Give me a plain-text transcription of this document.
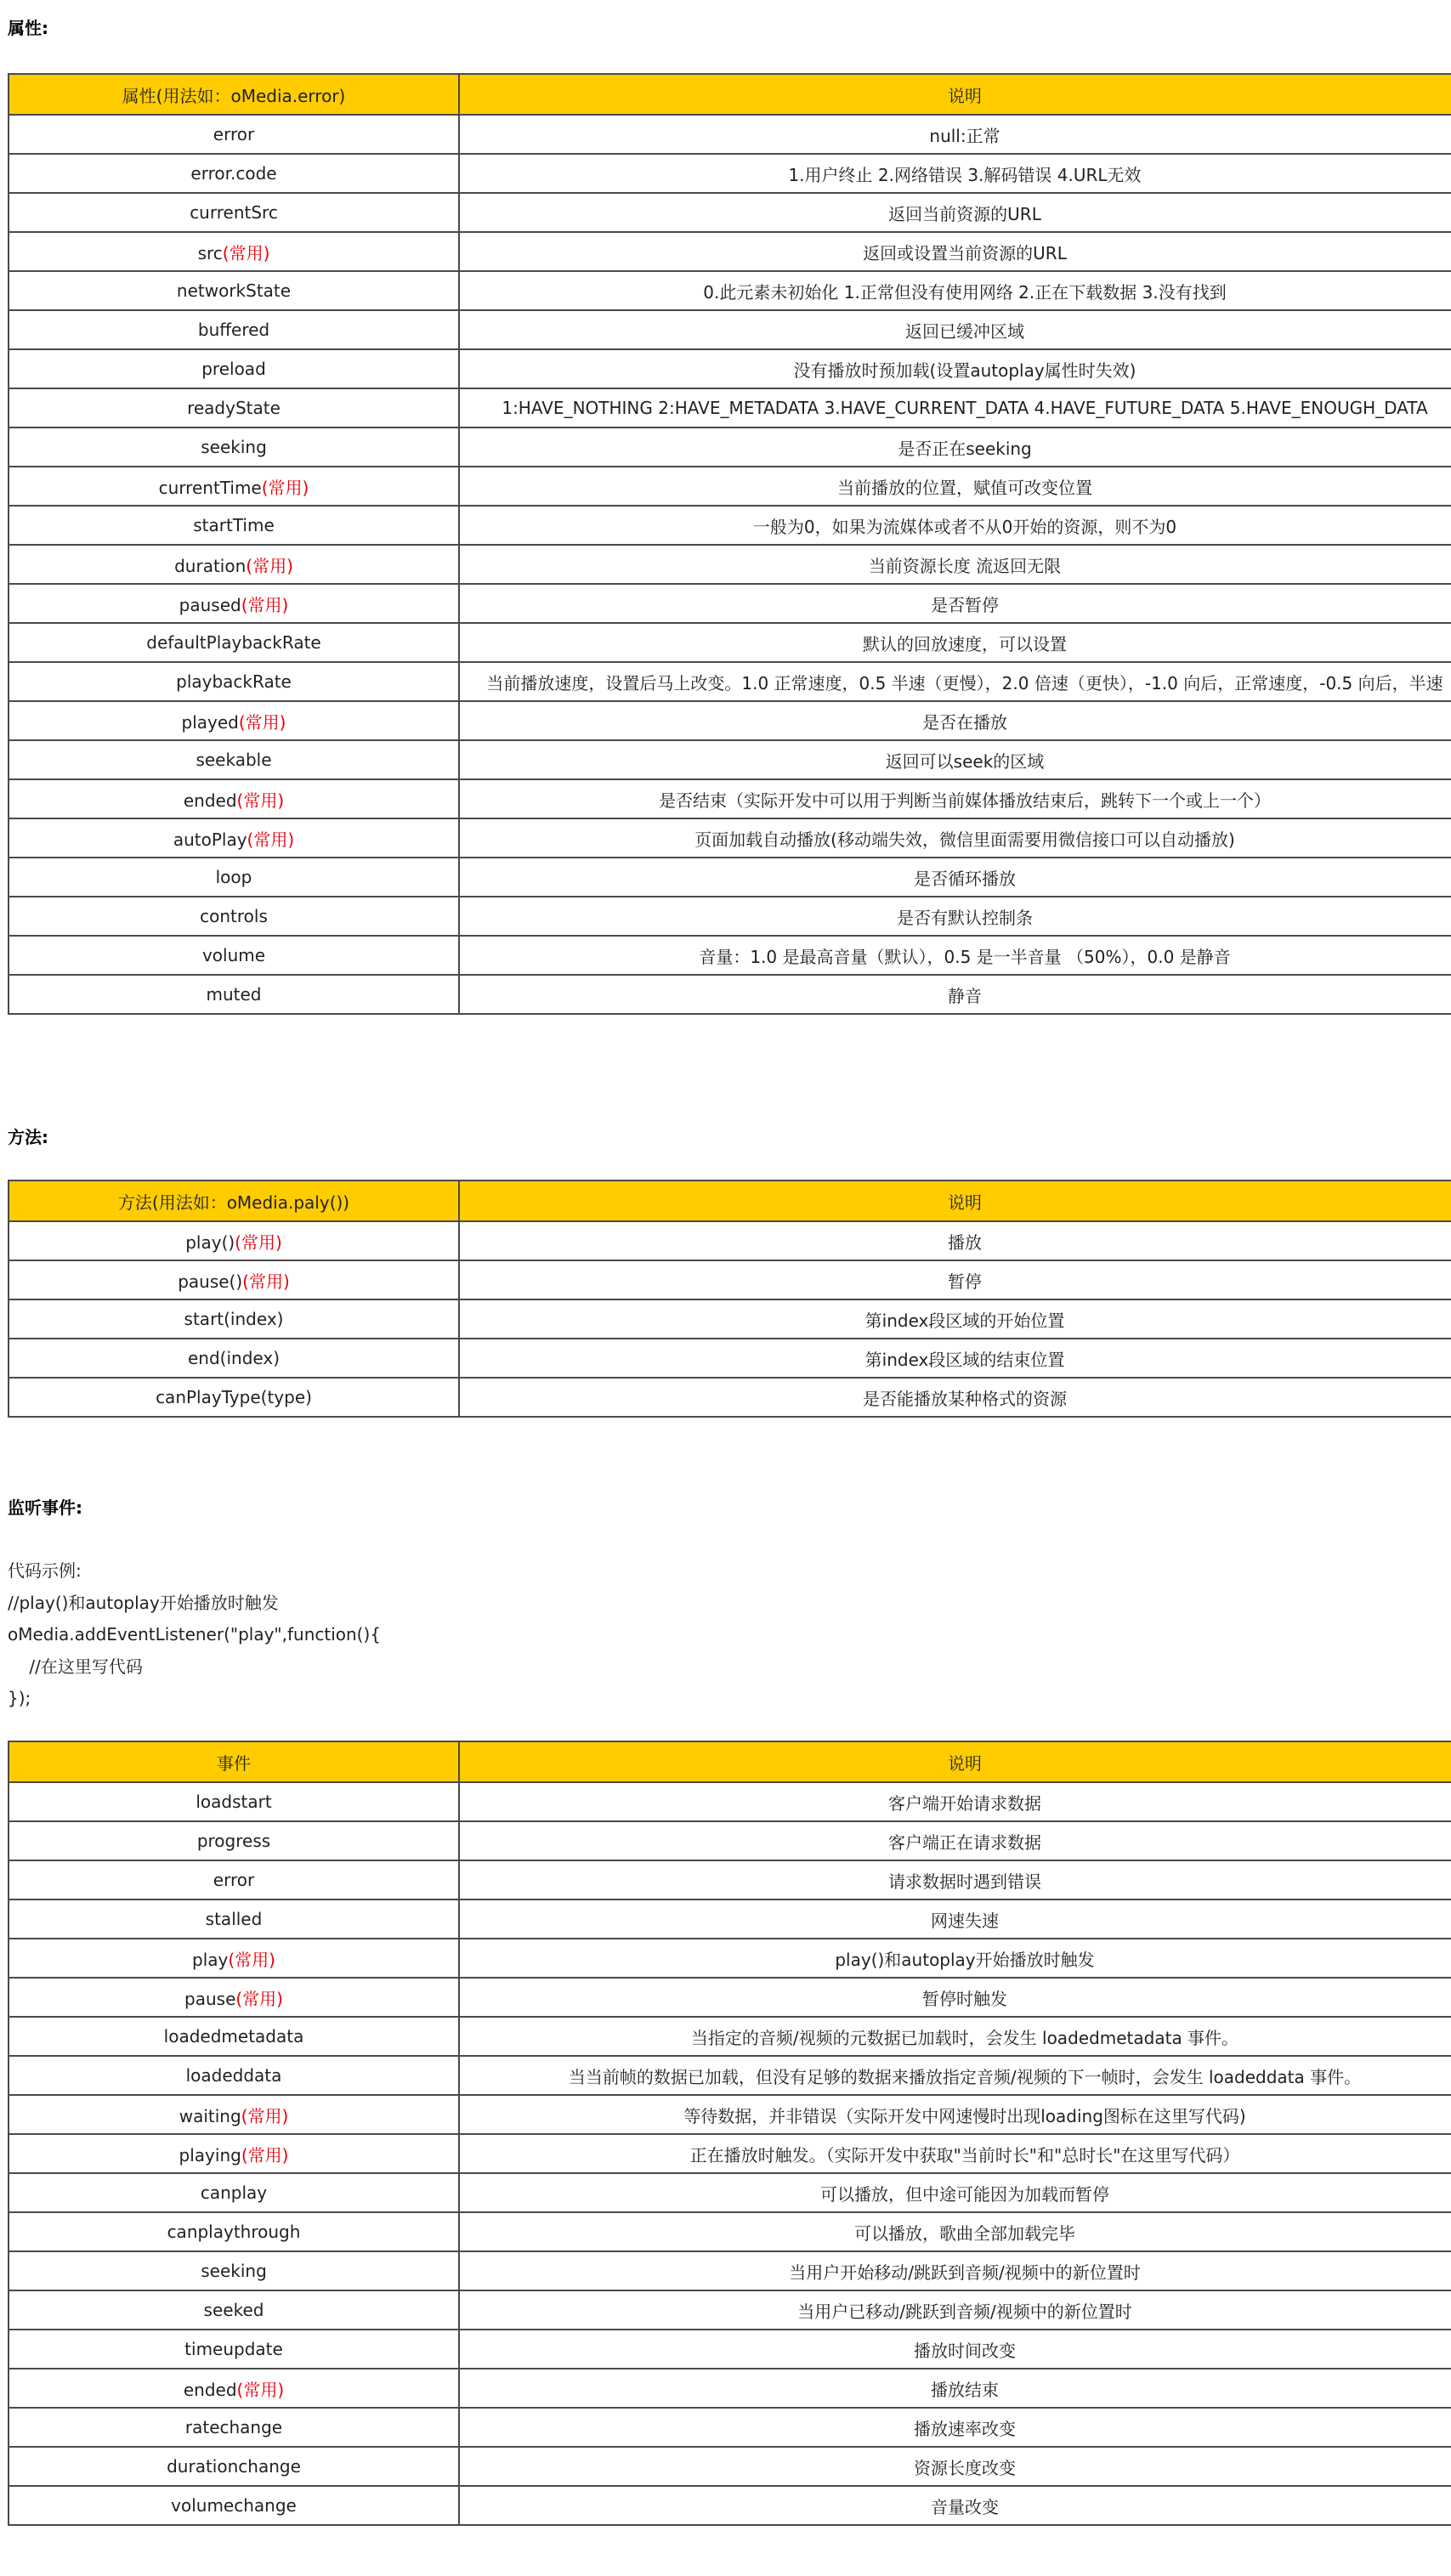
属性:
属性(用法如：oMedia.error)	说明
error	null:正常
error.code	1.用户终止 2.网络错误 3.解码错误 4.URL无效
currentSrc	返回当前资源的URL
src(常用)	返回或设置当前资源的URL
networkState	0.此元素未初始化 1.正常但没有使用网络 2.正在下载数据 3.没有找到
buffered	返回已缓冲区域
preload	没有播放时预加载(设置autoplay属性时失效)
readyState	1:HAVE_NOTHING 2:HAVE_METADATA 3.HAVE_CURRENT_DATA 4.HAVE_FUTURE_DATA 5.HAVE_ENOUGH_DATA
seeking	是否正在seeking
currentTime(常用)	当前播放的位置，赋值可改变位置
startTime	一般为0，如果为流媒体或者不从0开始的资源，则不为0
duration(常用)	当前资源长度 流返回无限
paused(常用)	是否暂停
defaultPlaybackRate	默认的回放速度，可以设置
playbackRate	当前播放速度，设置后马上改变。1.0 正常速度，0.5 半速（更慢），2.0 倍速（更快），-1.0 向后，正常速度，-0.5 向后，半速
played(常用)	是否在播放
seekable	返回可以seek的区域
ended(常用)	是否结束（实际开发中可以用于判断当前媒体播放结束后，跳转下一个或上一个）
autoPlay(常用)	页面加载自动播放(移动端失效，微信里面需要用微信接口可以自动播放)
loop	是否循环播放
controls	是否有默认控制条
volume	音量：1.0 是最高音量（默认），0.5 是一半音量 （50%），0.0 是静音
muted	静音
方法:
方法(用法如：oMedia.paly())	说明
play()(常用)	播放
pause()(常用)	暂停
start(index)	第index段区域的开始位置
end(index)	第index段区域的结束位置
canPlayType(type)	是否能播放某种格式的资源
监听事件:
代码示例:
//play()和autoplay开始播放时触发
oMedia.addEventListener("play",function(){
//在这里写代码
});
事件	说明
loadstart	客户端开始请求数据
progress	客户端正在请求数据
error	请求数据时遇到错误
stalled	网速失速
play(常用)	play()和autoplay开始播放时触发
pause(常用)	暂停时触发
loadedmetadata	当指定的音频/视频的元数据已加载时，会发生 loadedmetadata 事件。
loadeddata	当当前帧的数据已加载，但没有足够的数据来播放指定音频/视频的下一帧时，会发生 loadeddata 事件。
waiting(常用)	等待数据，并非错误（实际开发中网速慢时出现loading图标在这里写代码)
playing(常用)	正在播放时触发。（实际开发中获取"当前时长"和"总时长"在这里写代码）
canplay	可以播放，但中途可能因为加载而暂停
canplaythrough	可以播放，歌曲全部加载完毕
seeking	当用户开始移动/跳跃到音频/视频中的新位置时
seeked	当用户已移动/跳跃到音频/视频中的新位置时
timeupdate	播放时间改变
ended(常用)	播放结束
ratechange	播放速率改变
durationchange	资源长度改变
volumechange	音量改变
